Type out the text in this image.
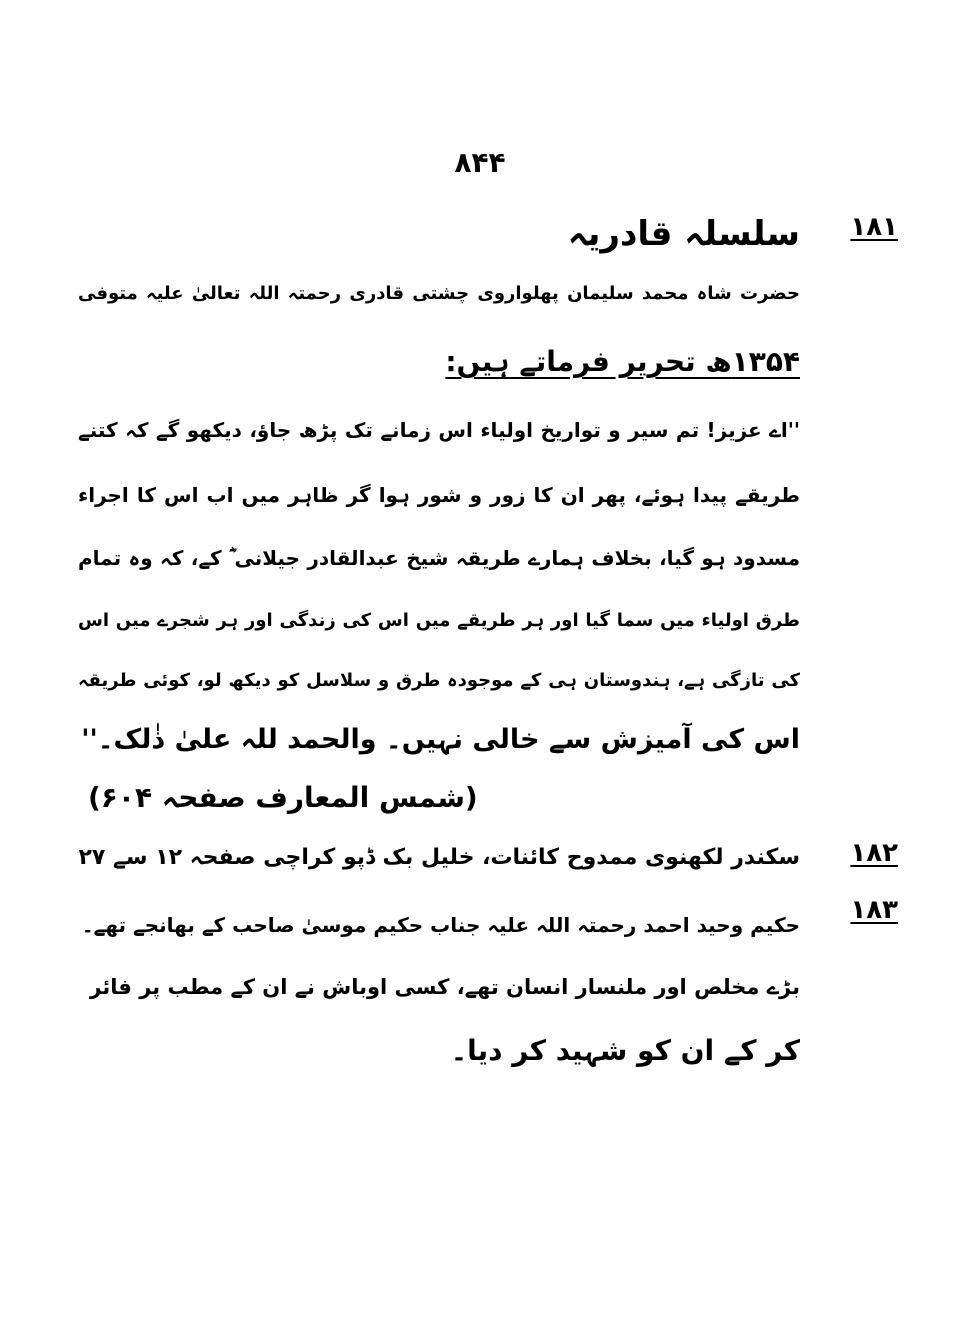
۸۴۴
۱۸۱
سلسلہ قادریہ
حضرت شاہ محمد سلیمان پھلواروی چشتی قادری رحمتہ اللہ تعالیٰ علیہ متوفی
۱۳۵۴ھ تحریر فرماتے ہیں:
''اے عزیز! تم سیر و تواریخ اولیاء اس زمانے تک پڑھ جاؤ، دیکھو گے کہ کتنے
طریقے پیدا ہوئے، پھر ان کا زور و شور ہوا گر ظاہر میں اب اس کا اجراء
مسدود ہو گیا، بخلاف ہمارے طریقہ شیخ عبدالقادر جیلانی ؓ کے، کہ وہ تمام
طرق اولیاء میں سما گیا اور ہر طریقے میں اس کی زندگی اور ہر شجرے میں اس
کی تازگی ہے، ہندوستان ہی کے موجودہ طرق و سلاسل کو دیکھ لو، کوئی طریقہ
اس کی آمیزش سے خالی نہیں۔ والحمد للہ علیٰ ذٰلک۔''
(شمس المعارف صفحہ ۶۰۴)
۱۸۲
سکندر لکھنوی ممدوح کائنات، خلیل بک ڈپو کراچی صفحہ ۱۲ سے ۲۷
۱۸۳
حکیم وحید احمد رحمتہ اللہ علیہ جناب حکیم موسیٰ صاحب کے بھانجے تھے۔
بڑے مخلص اور ملنسار انسان تھے، کسی اوباش نے ان کے مطب پر فائر
کر کے ان کو شہید کر دیا۔
